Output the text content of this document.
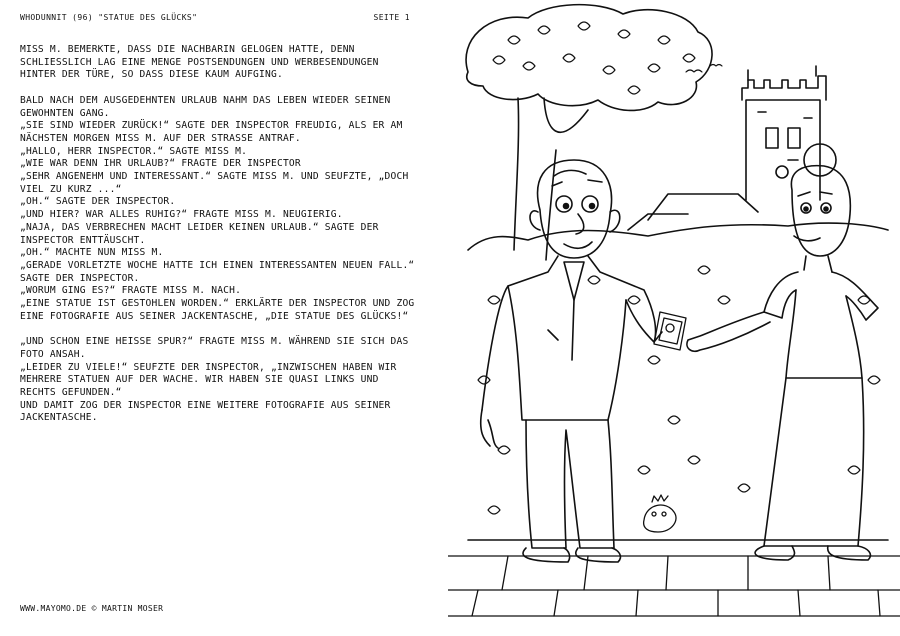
WHODUNNIT (96) "STATUE DES GLÜCKS"	SEITE 1

MISS M. BEMERKTE, DASS DIE NACHBARIN GELOGEN HATTE, DENN SCHLIESSLICH LAG EINE MENGE POSTSENDUNGEN UND WERBESENDUNGEN HINTER DER TÜRE, SO DASS DIESE KAUM AUFGING.

BALD NACH DEM AUSGEDEHNTEN URLAUB NAHM DAS LEBEN WIEDER SEINEN GEWOHNTEN GANG.

„SIE SIND WIEDER ZURÜCK!“ SAGTE DER INSPECTOR FREUDIG, ALS ER AM NÄCHSTEN MORGEN MISS M. AUF DER STRASSE ANTRAF.

„HALLO, HERR INSPECTOR.“ SAGTE MISS M.

„WIE WAR DENN IHR URLAUB?“ FRAGTE DER INSPECTOR

„SEHR ANGENEHM UND INTERESSANT.“ SAGTE MISS M. UND SEUFZTE, „DOCH VIEL ZU KURZ ...“

„OH.“ SAGTE DER INSPECTOR.

„UND HIER? WAR ALLES RUHIG?“ FRAGTE MISS M. NEUGIERIG.

„NAJA, DAS VERBRECHEN MACHT LEIDER KEINEN URLAUB.“ SAGTE DER INSPECTOR ENTTÄUSCHT.

„OH.“ MACHTE NUN MISS M.

„GERADE VORLETZTE WOCHE HATTE ICH EINEN INTERESSANTEN NEUEN FALL.“ SAGTE DER INSPECTOR.

„WORUM GING ES?“ FRAGTE MISS M. NACH.

„EINE STATUE IST GESTOHLEN WORDEN.“ ERKLÄRTE DER INSPECTOR UND ZOG EINE FOTOGRAFIE AUS SEINER JACKENTASCHE, „DIE STATUE DES GLÜCKS!“

„UND SCHON EINE HEISSE SPUR?“ FRAGTE MISS M. WÄHREND SIE SICH DAS FOTO ANSAH.

„LEIDER ZU VIELE!“ SEUFZTE DER INSPECTOR, „INZWISCHEN HABEN WIR MEHRERE STATUEN AUF DER WACHE. WIR HABEN SIE QUASI LINKS UND RECHTS GEFUNDEN.“

UND DAMIT ZOG DER INSPECTOR EINE WEITERE FOTOGRAFIE AUS SEINER JACKENTASCHE.

WWW.MAYOMO.DE © MARTIN MOSER
